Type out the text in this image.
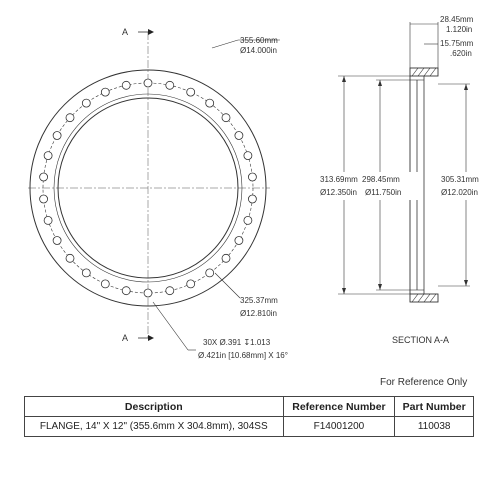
A
A
355.60mm
Ø14.000in
325.37mm
Ø12.810in
30X Ø.391 ↧1.013
Ø.421in [10.68mm] X 16°
28.45mm
1.120in
15.75mm
.620in
313.69mm
Ø12.350in
298.45mm
Ø11.750in
305.31mm
Ø12.020in
SECTION A-A
For Reference Only
Description	Reference Number	Part Number
FLANGE, 14" X 12" (355.6mm X 304.8mm), 304SS	F14001200	110038
